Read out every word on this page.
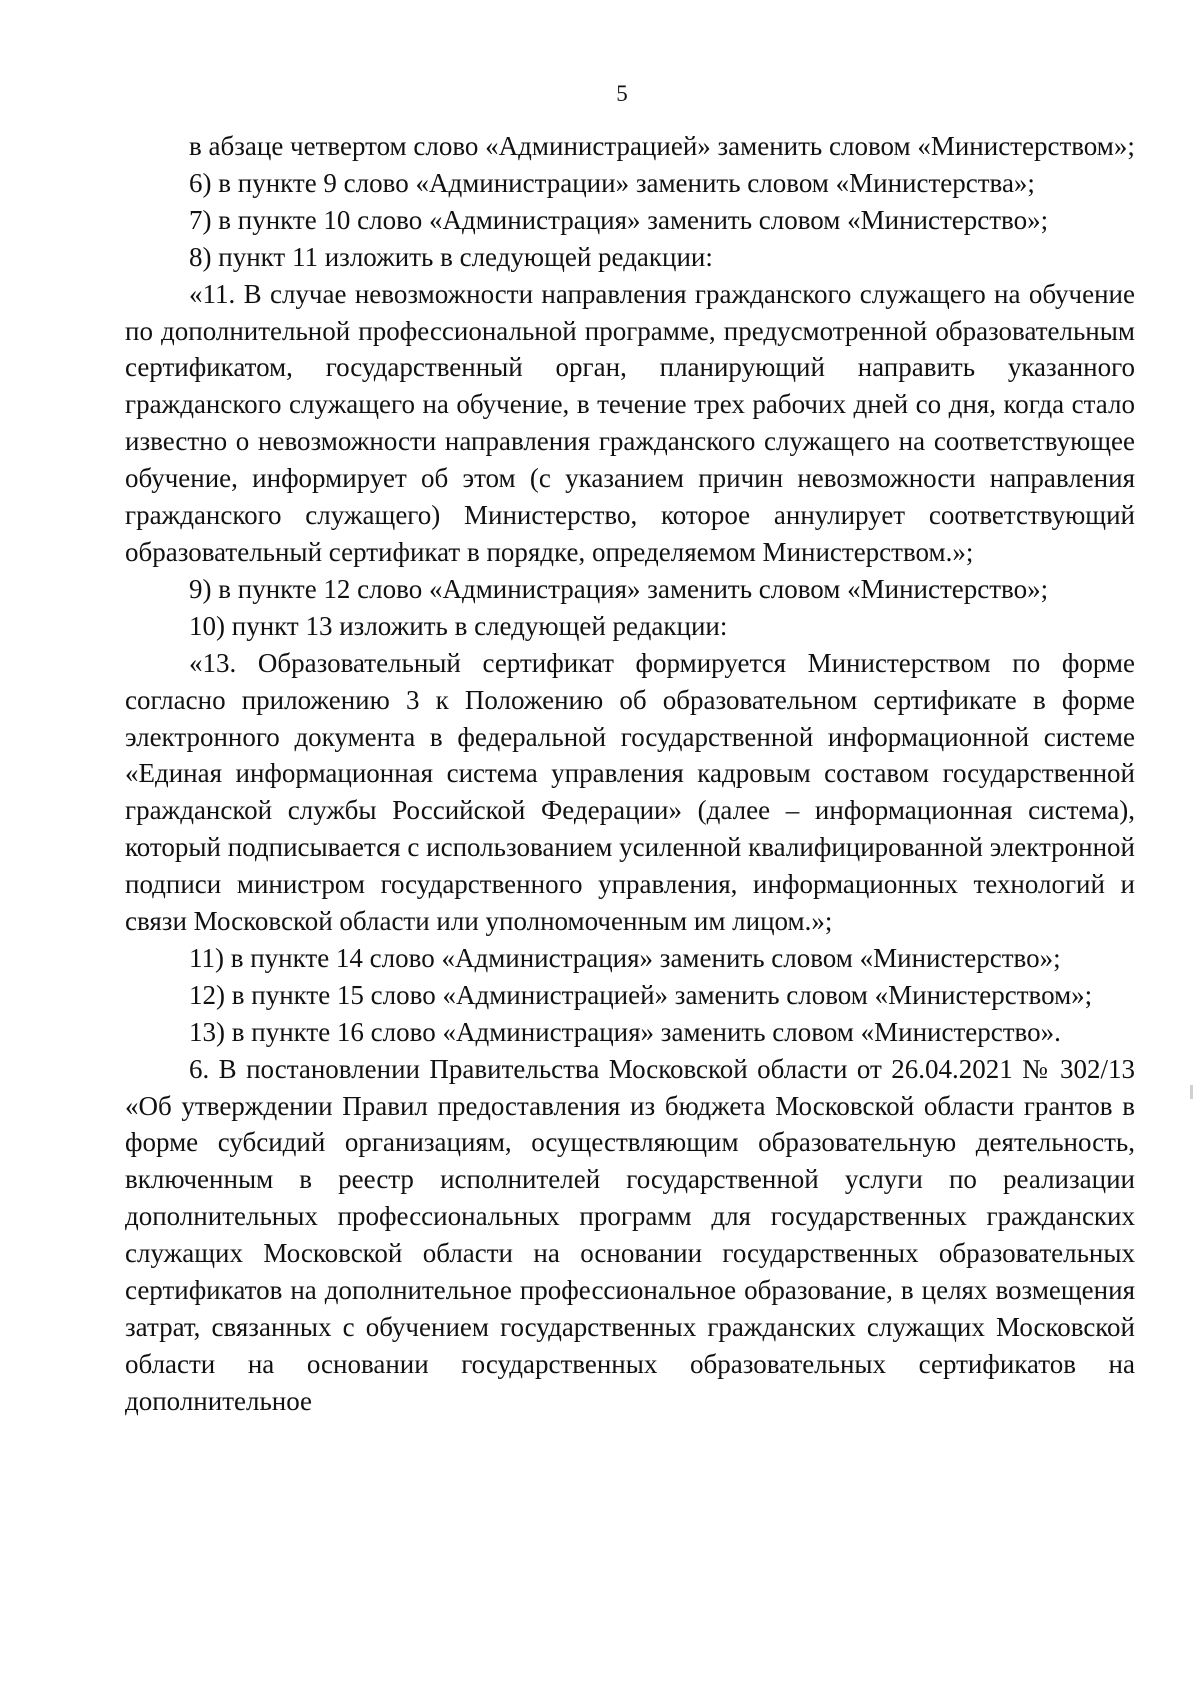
5

в абзаце четвертом слово «Администрацией» заменить словом «Министерством»;

6) в пункте 9 слово «Администрации» заменить словом «Министерства»;

7) в пункте 10 слово «Администрация» заменить словом «Министерство»;

8) пункт 11 изложить в следующей редакции:

«11. В случае невозможности направления гражданского служащего на обучение по дополнительной профессиональной программе, предусмотренной образовательным сертификатом, государственный орган, планирующий направить указанного гражданского служащего на обучение, в течение трех рабочих дней со дня, когда стало известно о невозможности направления гражданского служащего на соответствующее обучение, информирует об этом (с указанием причин невозможности направления гражданского служащего) Министерство, которое аннулирует соответствующий образовательный сертификат в порядке, определяемом Министерством.»;

9) в пункте 12 слово «Администрация» заменить словом «Министерство»;

10) пункт 13 изложить в следующей редакции:

«13. Образовательный сертификат формируется Министерством по форме согласно приложению 3 к Положению об образовательном сертификате в форме электронного документа в федеральной государственной информационной системе «Единая информационная система управления кадровым составом государственной гражданской службы Российской Федерации» (далее – информационная система), который подписывается с использованием усиленной квалифицированной электронной подписи министром государственного управления, информационных технологий и связи Московской области или уполномоченным им лицом.»;

11) в пункте 14 слово «Администрация» заменить словом «Министерство»;

12) в пункте 15 слово «Администрацией» заменить словом «Министерством»;

13) в пункте 16 слово «Администрация» заменить словом «Министерство».

6. В постановлении Правительства Московской области от 26.04.2021 № 302/13 «Об утверждении Правил предоставления из бюджета Московской области грантов в форме субсидий организациям, осуществляющим образовательную деятельность, включенным в реестр исполнителей государственной услуги по реализации дополнительных профессиональных программ для государственных гражданских служащих Московской области на основании государственных образовательных сертификатов на дополнительное профессиональное образование, в целях возмещения затрат, связанных с обучением государственных гражданских служащих Московской области на основании государственных образовательных сертификатов на дополнительное
